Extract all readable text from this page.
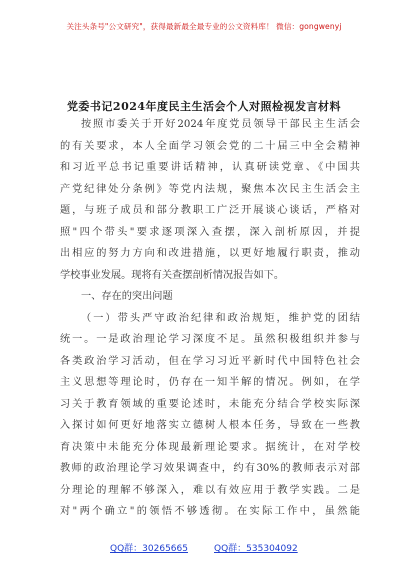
关注头条号"公文研究"，获得最新最全最专业的公文资料库！ 微信：gongwenyj
党委书记2024年度民主生活会个人对照检视发言材料
按照市委关于开好2024年度党员领导干部民主生活会
的有关要求，本人全面学习领会党的二十届三中全会精神
和习近平总书记重要讲话精神，认真研读党章、《中国共
产党纪律处分条例》等党内法规，聚焦本次民主生活会主
题，与班子成员和部分教职工广泛开展谈心谈话，严格对
照"四个带头"要求逐项深入查摆，深入剖析原因，并提
出相应的努力方向和改进措施，以更好地履行职责，推动
学校事业发展。现将有关查摆剖析情况报告如下。
一、存在的突出问题
（一）带头严守政治纪律和政治规矩，维护党的团结
统一。一是政治理论学习深度不足。虽然积极组织并参与
各类政治学习活动，但在学习习近平新时代中国特色社会
主义思想等理论时，仍存在一知半解的情况。例如，在学
习关于教育领域的重要论述时，未能充分结合学校实际深
入探讨如何更好地落实立德树人根本任务，导致在一些教
育决策中未能充分体现最新理论要求。据统计，在对学校
教师的政治理论学习效果调查中，约有30%的教师表示对部
分理论的理解不够深入，难以有效应用于教学实践。二是
对"两个确立"的领悟不够透彻。在实际工作中，虽然能
QQ群：30265665	QQ群：535304092
